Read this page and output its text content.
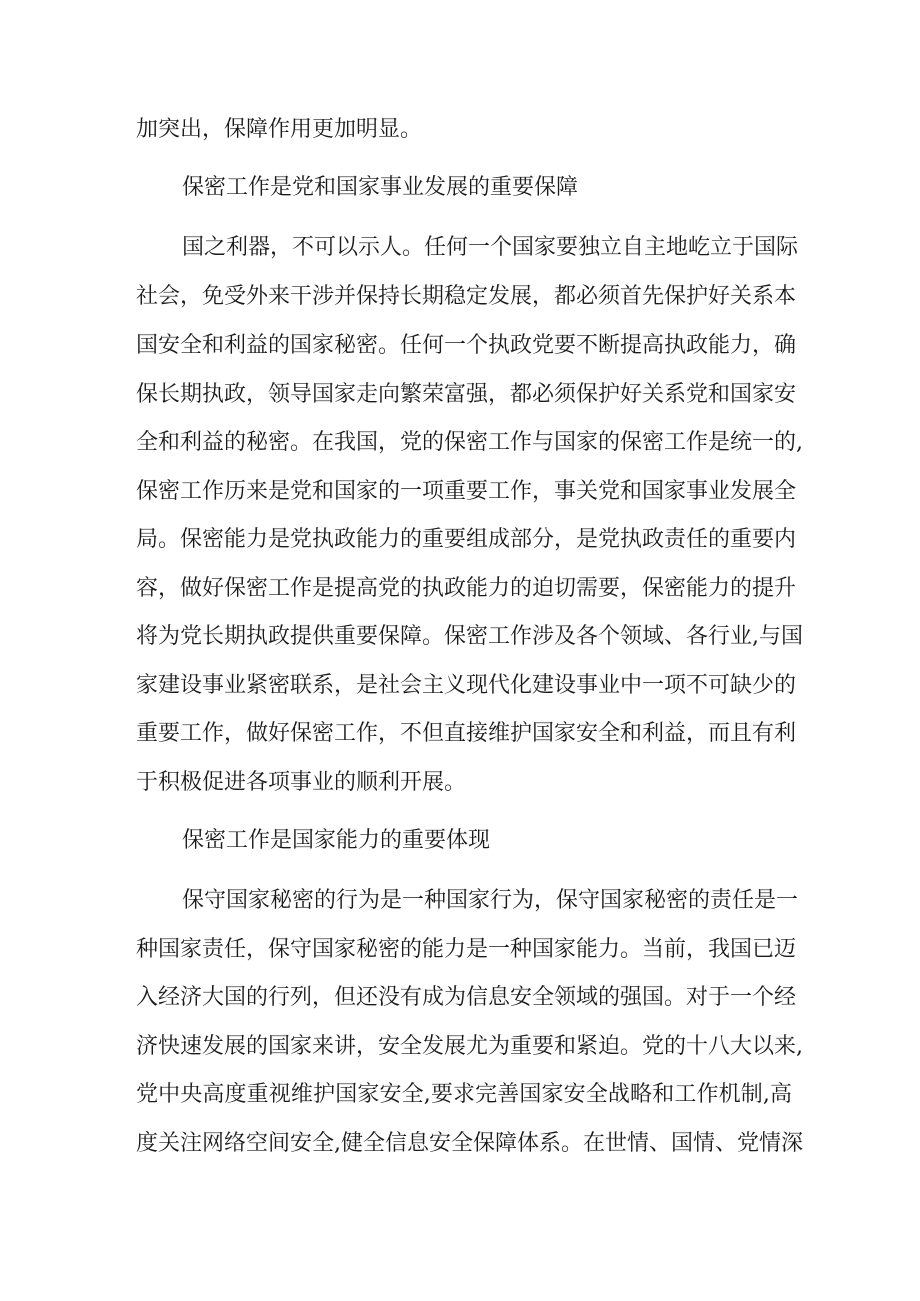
加突出，保障作用更加明显。
保密工作是党和国家事业发展的重要保障
国之利器，不可以示人。任何一个国家要独立自主地屹立于国际
社会，免受外来干涉并保持长期稳定发展，都必须首先保护好关系本
国安全和利益的国家秘密。任何一个执政党要不断提高执政能力，确
保长期执政，领导国家走向繁荣富强，都必须保护好关系党和国家安
全和利益的秘密。在我国，党的保密工作与国家的保密工作是统一的,
保密工作历来是党和国家的一项重要工作，事关党和国家事业发展全
局。保密能力是党执政能力的重要组成部分，是党执政责任的重要内
容，做好保密工作是提高党的执政能力的迫切需要，保密能力的提升
将为党长期执政提供重要保障。保密工作涉及各个领域、各行业,与国
家建设事业紧密联系，是社会主义现代化建设事业中一项不可缺少的
重要工作，做好保密工作，不但直接维护国家安全和利益，而且有利
于积极促进各项事业的顺利开展。
保密工作是国家能力的重要体现
保守国家秘密的行为是一种国家行为，保守国家秘密的责任是一
种国家责任，保守国家秘密的能力是一种国家能力。当前，我国已迈
入经济大国的行列，但还没有成为信息安全领域的强国。对于一个经
济快速发展的国家来讲，安全发展尤为重要和紧迫。党的十八大以来,
党中央高度重视维护国家安全,要求完善国家安全战略和工作机制,高
度关注网络空间安全,健全信息安全保障体系。在世情、国情、党情深
